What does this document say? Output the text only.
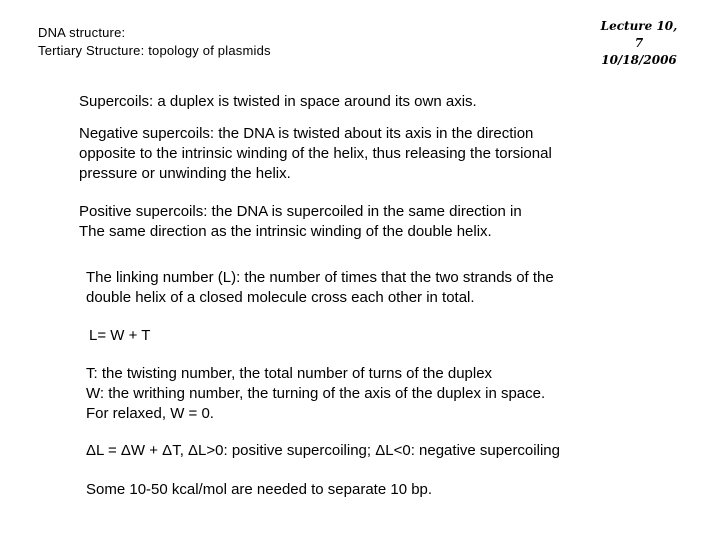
DNA structure:
Tertiary Structure: topology of plasmids
Lecture 10, 7
10/18/2006
Supercoils: a duplex is twisted in space around its own axis.
Negative supercoils: the DNA is twisted about its axis in the direction
opposite to the intrinsic winding of the helix, thus releasing the torsional
pressure or unwinding the helix.
Positive supercoils: the DNA is supercoiled in the same direction in
The same direction as the intrinsic winding of the double helix.
The linking number (L): the number of times that the two strands of the
double helix of a closed molecule cross each other in total.
L= W + T
T: the twisting number, the total number of turns of the duplex
W: the writhing number, the turning of the axis of the duplex in space.
For relaxed, W = 0.
ΔL = ΔW + ΔT, ΔL>0: positive supercoiling; ΔL<0: negative supercoiling
Some 10-50 kcal/mol are needed to separate 10 bp.
